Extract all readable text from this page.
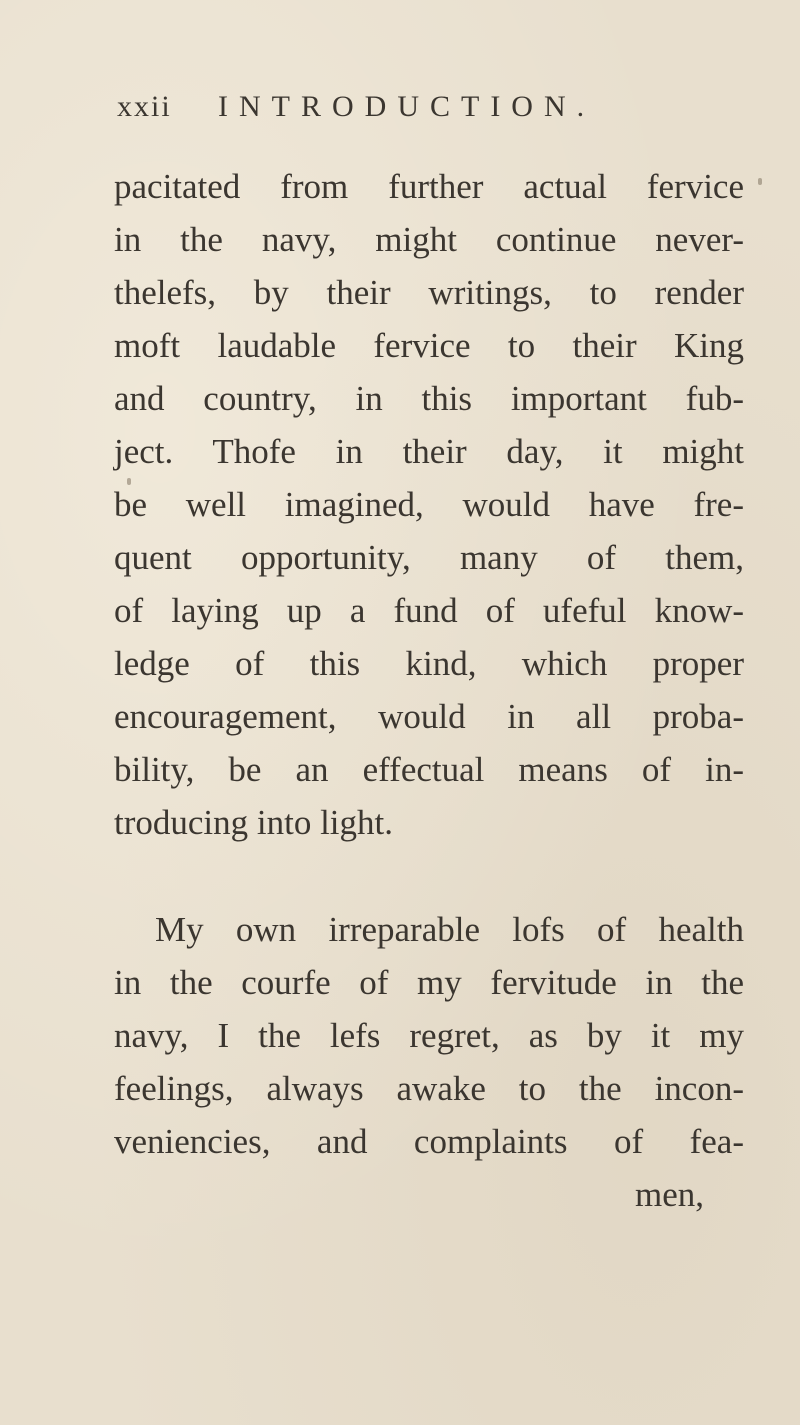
xxii INTRODUCTION.
pacitated from further actual fervice
in the navy, might continue never-
thelefs, by their writings, to render
moft laudable fervice to their King
and country, in this important fub-
ject. Thofe in their day, it might
be well imagined, would have fre-
quent opportunity, many of them,
of laying up a fund of ufeful know-
ledge of this kind, which proper
encouragement, would in all proba-
bility, be an effectual means of in-
troducing into light.
My own irreparable lofs of health
in the courfe of my fervitude in the
navy, I the lefs regret, as by it my
feelings, always awake to the incon-
veniencies, and complaints of fea-
men,
